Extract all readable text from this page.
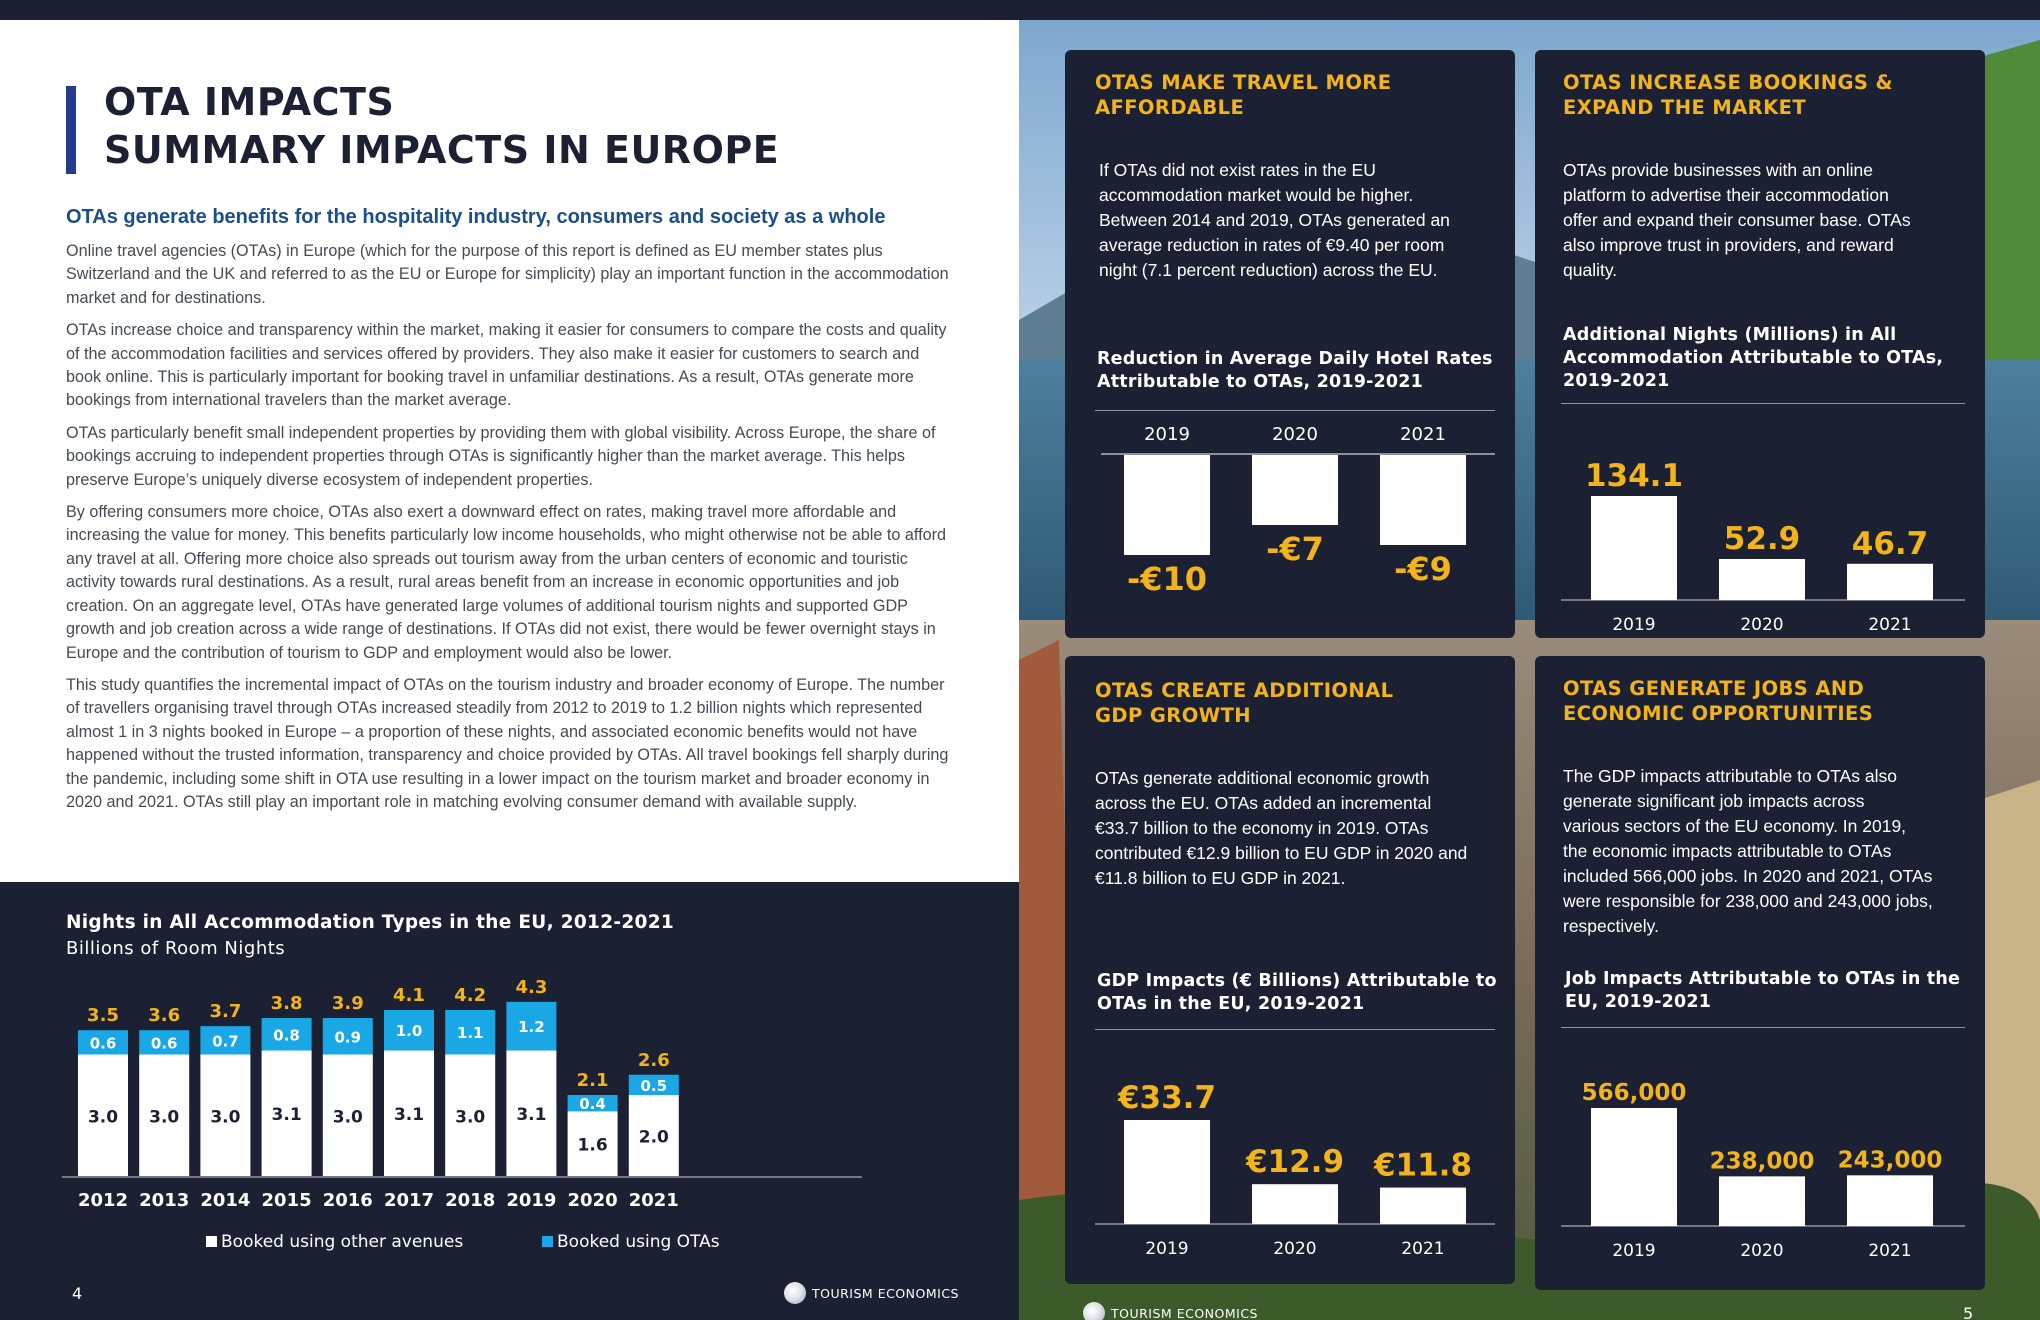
OTA IMPACTS
SUMMARY IMPACTS IN EUROPE
OTAs generate benefits for the hospitality industry, consumers and society as a whole

Online travel agencies (OTAs) in Europe (which for the purpose of this report is defined as EU member states plus Switzerland and the UK and referred to as the EU or Europe for simplicity) play an important function in the accommodation market and for destinations.

OTAs increase choice and transparency within the market, making it easier for consumers to compare the costs and quality of the accommodation facilities and services offered by providers. They also make it easier for customers to search and book online. This is particularly important for booking travel in unfamiliar destinations. As a result, OTAs generate more bookings from international travelers than the market average.

OTAs particularly benefit small independent properties by providing them with global visibility. Across Europe, the share of bookings accruing to independent properties through OTAs is significantly higher than the market average. This helps preserve Europe’s uniquely diverse ecosystem of independent properties.

By offering consumers more choice, OTAs also exert a downward effect on rates, making travel more affordable and increasing the value for money. This benefits particularly low income households, who might otherwise not be able to afford any travel at all. Offering more choice also spreads out tourism away from the urban centers of economic and touristic activity towards rural destinations. As a result, rural areas benefit from an increase in economic opportunities and job creation. On an aggregate level, OTAs have generated large volumes of additional tourism nights and supported GDP growth and job creation across a wide range of destinations. If OTAs did not exist, there would be fewer overnight stays in Europe and the contribution of tourism to GDP and employment would also be lower.

This study quantifies the incremental impact of OTAs on the tourism industry and broader economy of Europe. The number of travellers organising travel through OTAs increased steadily from 2012 to 2019 to 1.2 billion nights which represented almost 1 in 3 nights booked in Europe – a proportion of these nights, and associated economic benefits would not have happened without the trusted information, transparency and choice provided by OTAs. All travel bookings fell sharply during the pandemic, including some shift in OTA use resulting in a lower impact on the tourism market and broader economy in 2020 and 2021. OTAs still play an important role in matching evolving consumer demand with available supply.

Nights in All Accommodation Types in the EU, 2012-2021
Billions of Room Nights
3.0
0.6
3.5
2012
3.0
0.6
3.6
2013
3.0
0.7
3.7
2014
3.1
0.8
3.8
2015
3.0
0.9
3.9
2016
3.1
1.0
4.1
2017
3.0
1.1
4.2
2018
3.1
1.2
4.3
2019
1.6
0.4
2.1
2020
2.0
0.5
2.6
2021
Booked using other avenues	Booked using OTAs
4	TOURISM ECONOMICS
OTAS MAKE TRAVEL MORE
AFFORDABLE
If OTAs did not exist rates in the EU
accommodation market would be higher.
Between 2014 and 2019, OTAs generated an
average reduction in rates of €9.40 per room
night (7.1 percent reduction) across the EU.
Reduction in Average Daily Hotel Rates
Attributable to OTAs, 2019-2021
2019
-€10
2020
-€7
2021
-€9
OTAS INCREASE BOOKINGS &
EXPAND THE MARKET
OTAs provide businesses with an online
platform to advertise their accommodation
offer and expand their consumer base. OTAs
also improve trust in providers, and reward
quality.
Additional Nights (Millions) in All
Accommodation Attributable to OTAs,
2019-2021
134.1
2019
52.9
2020
46.7
2021
OTAS CREATE ADDITIONAL
GDP GROWTH
OTAs generate additional economic growth
across the EU. OTAs added an incremental
€33.7 billion to the economy in 2019. OTAs
contributed €12.9 billion to EU GDP in 2020 and
€11.8 billion to EU GDP in 2021.
GDP Impacts (€ Billions) Attributable to
OTAs in the EU, 2019-2021
€33.7
2019
€12.9
2020
€11.8
2021
OTAS GENERATE JOBS AND
ECONOMIC OPPORTUNITIES
The GDP impacts attributable to OTAs also
generate significant job impacts across
various sectors of the EU economy. In 2019,
the economic impacts attributable to OTAs
included 566,000 jobs. In 2020 and 2021, OTAs
were responsible for 238,000 and 243,000 jobs,
respectively.
Job Impacts Attributable to OTAs in the
EU, 2019-2021
566,000
2019
238,000
2020
243,000
2021
TOURISM ECONOMICS	5
